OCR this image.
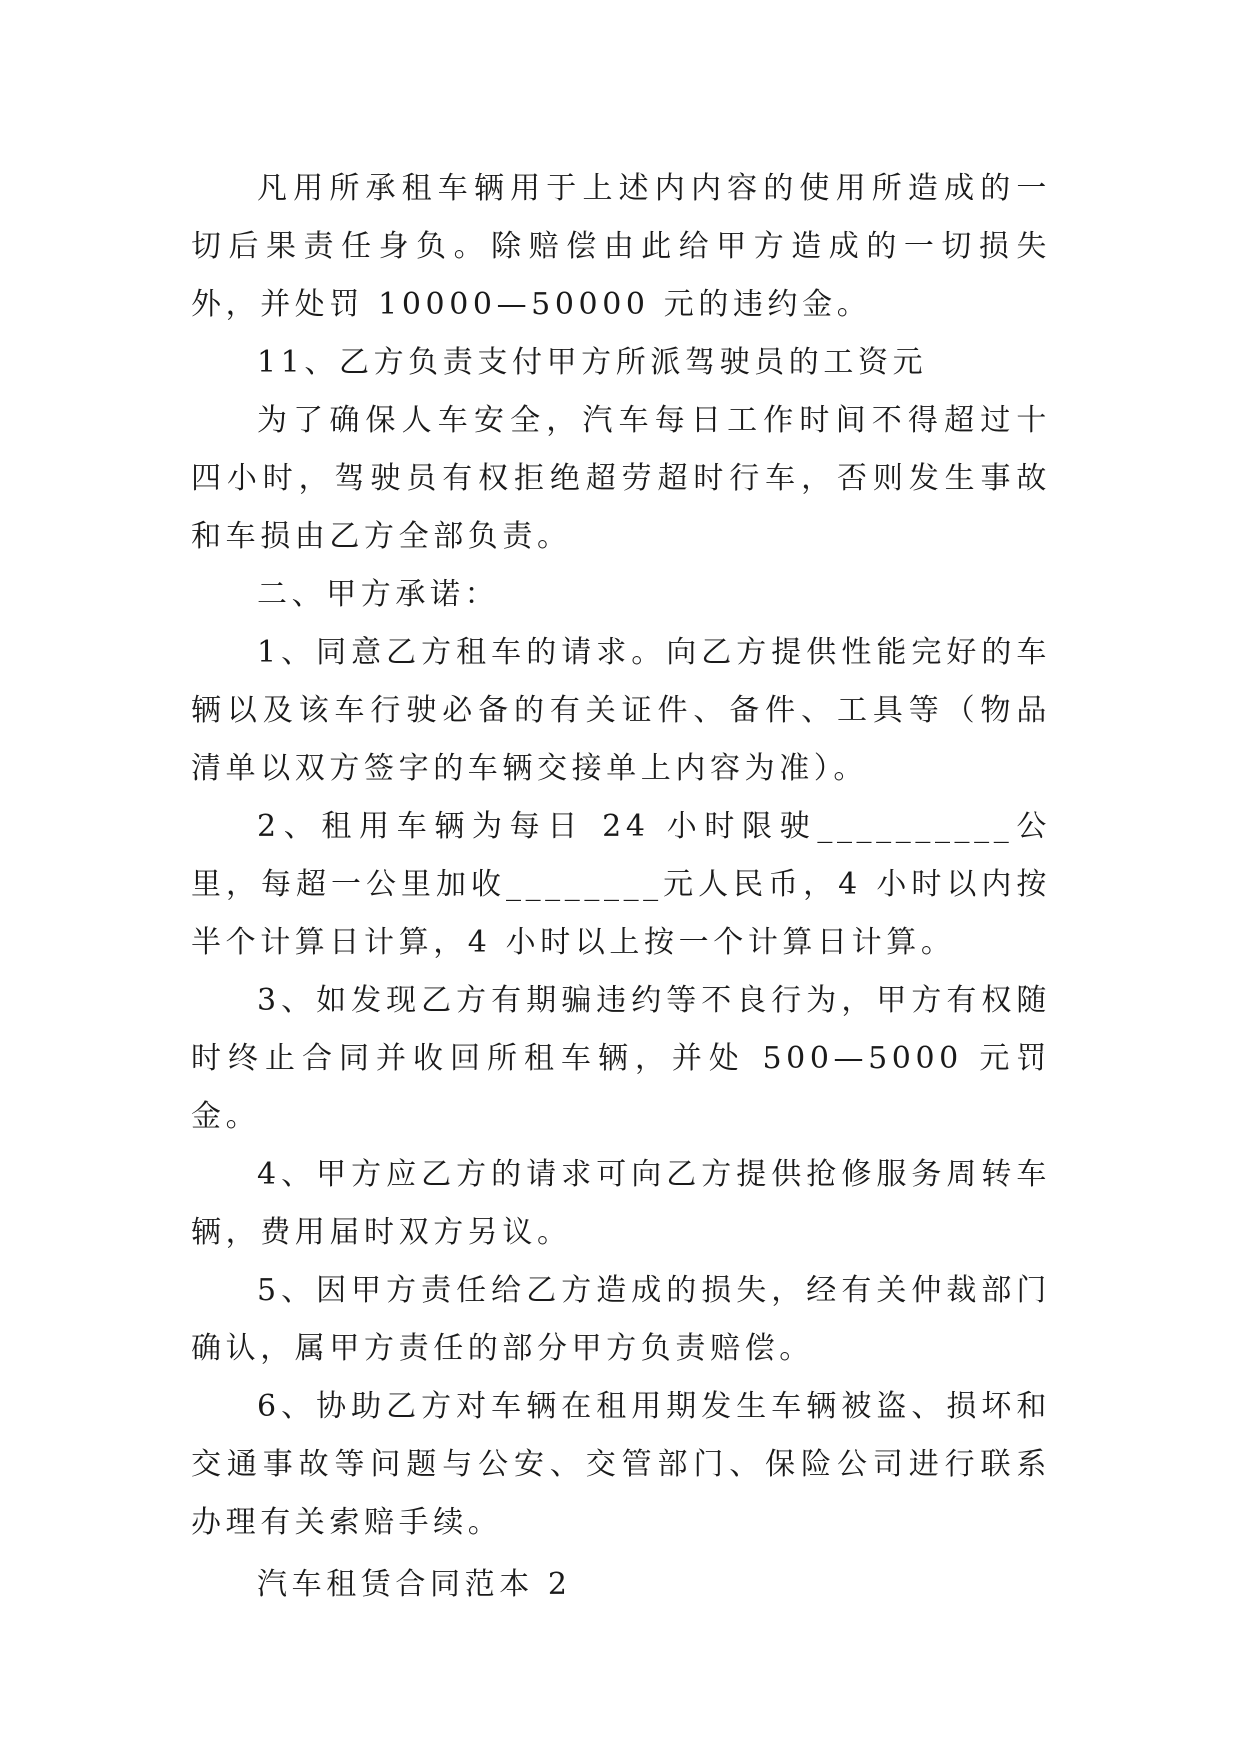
凡用所承租车辆用于上述内内容的使用所造成的一切后果责任身负。除赔偿由此给甲方造成的一切损失外，并处罚 10000—50000 元的违约金。

11、乙方负责支付甲方所派驾驶员的工资元

为了确保人车安全，汽车每日工作时间不得超过十四小时，驾驶员有权拒绝超劳超时行车，否则发生事故和车损由乙方全部负责。

二、甲方承诺：

1、同意乙方租车的请求。向乙方提供性能完好的车辆以及该车行驶必备的有关证件、备件、工具等（物品清单以双方签字的车辆交接单上内容为准）。

2、租用车辆为每日 24 小时限驶__________公里，每超一公里加收________元人民币，4 小时以内按半个计算日计算，4 小时以上按一个计算日计算。

3、如发现乙方有期骗违约等不良行为，甲方有权随时终止合同并收回所租车辆，并处 500—5000 元罚金。

4、甲方应乙方的请求可向乙方提供抢修服务周转车辆，费用届时双方另议。

5、因甲方责任给乙方造成的损失，经有关仲裁部门确认，属甲方责任的部分甲方负责赔偿。

6、协助乙方对车辆在租用期发生车辆被盗、损坏和交通事故等问题与公安、交管部门、保险公司进行联系办理有关索赔手续。

汽车租赁合同范本 2
